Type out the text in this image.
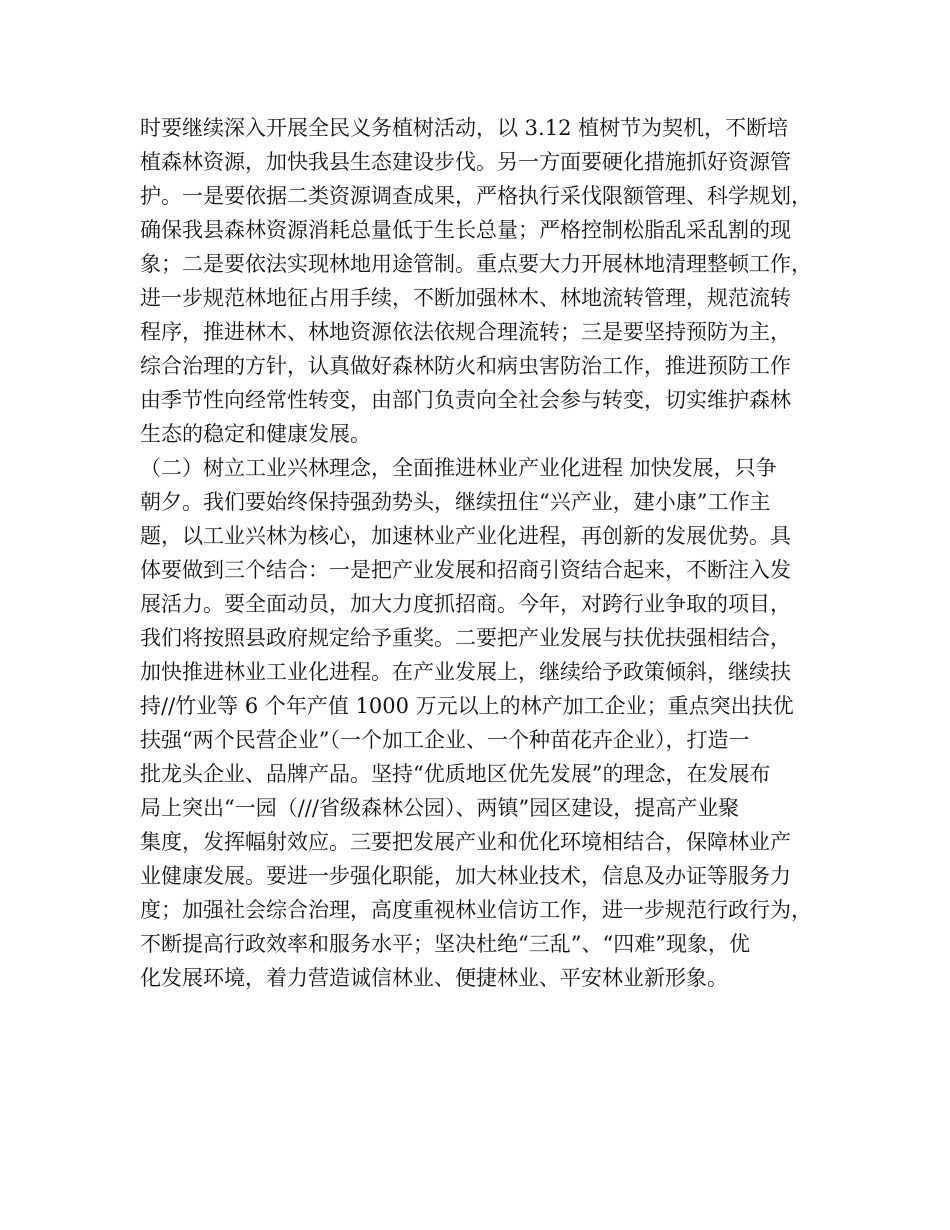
时要继续深入开展全民义务植树活动，以 3.12 植树节为契机，不断培

植森林资源，加快我县生态建设步伐。另一方面要硬化措施抓好资源管

护。一是要依据二类资源调查成果，严格执行采伐限额管理、科学规划，

确保我县森林资源消耗总量低于生长总量；严格控制松脂乱采乱割的现

象；二是要依法实现林地用途管制。重点要大力开展林地清理整顿工作，

进一步规范林地征占用手续，不断加强林木、林地流转管理，规范流转

程序，推进林木、林地资源依法依规合理流转；三是要坚持预防为主，

综合治理的方针，认真做好森林防火和病虫害防治工作，推进预防工作

由季节性向经常性转变，由部门负责向全社会参与转变，切实维护森林

生态的稳定和健康发展。

（二）树立工业兴林理念，全面推进林业产业化进程 加快发展，只争

朝夕。我们要始终保持强劲势头，继续扭住“兴产业，建小康”工作主

题，以工业兴林为核心，加速林业产业化进程，再创新的发展优势。具

体要做到三个结合：一是把产业发展和招商引资结合起来，不断注入发

展活力。要全面动员，加大力度抓招商。今年，对跨行业争取的项目，

我们将按照县政府规定给予重奖。二要把产业发展与扶优扶强相结合，

加快推进林业工业化进程。在产业发展上，继续给予政策倾斜，继续扶

持//竹业等 6 个年产值 1000 万元以上的林产加工企业；重点突出扶优

扶强“两个民营企业”（一个加工企业、一个种苗花卉企业），打造一

批龙头企业、品牌产品。坚持“优质地区优先发展”的理念，在发展布

局上突出“一园（///省级森林公园）、两镇”园区建设，提高产业聚

集度，发挥幅射效应。三要把发展产业和优化环境相结合，保障林业产

业健康发展。要进一步强化职能，加大林业技术，信息及办证等服务力

度；加强社会综合治理，高度重视林业信访工作，进一步规范行政行为，

不断提高行政效率和服务水平；坚决杜绝“三乱”、“四难”现象，优

化发展环境，着力营造诚信林业、便捷林业、平安林业新形象。
